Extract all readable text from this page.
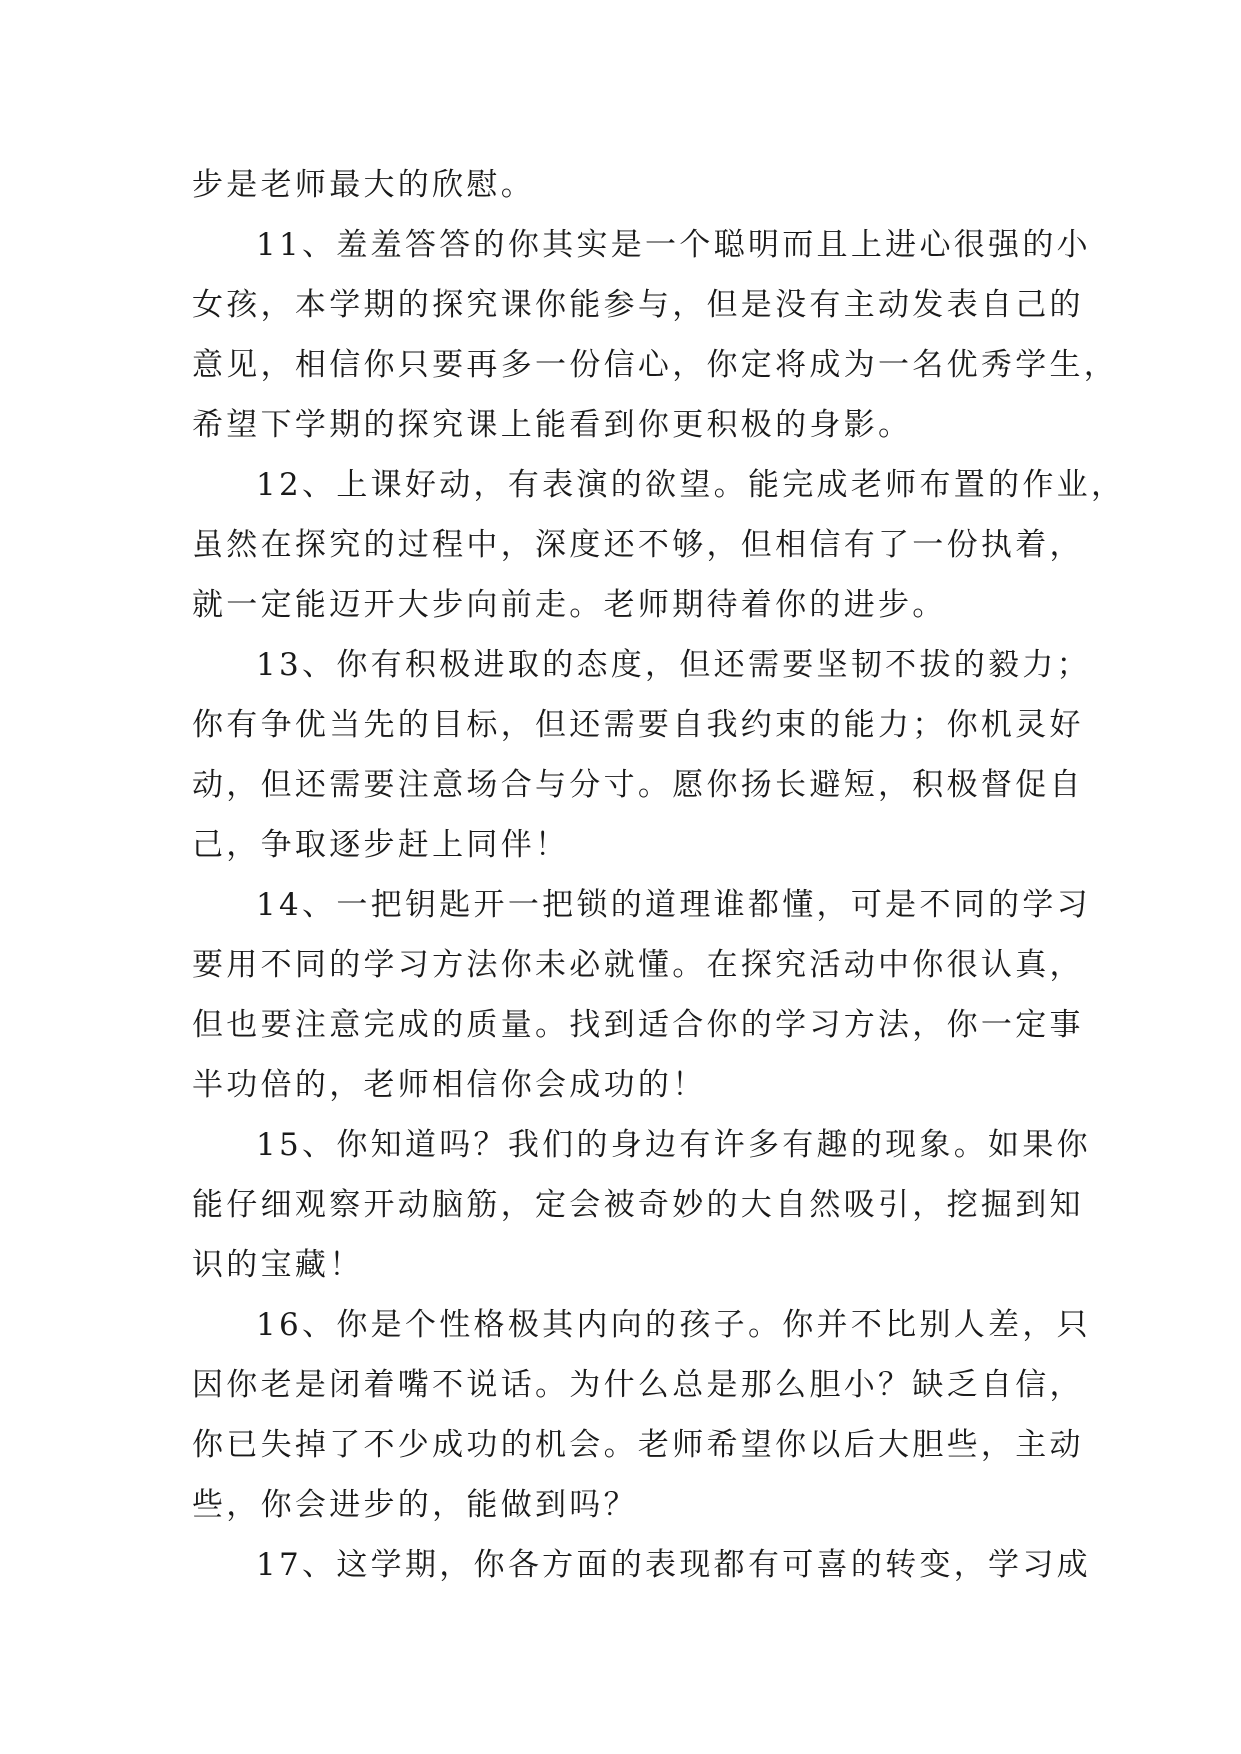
步是老师最大的欣慰。
11、羞羞答答的你其实是一个聪明而且上进心很强的小
女孩，本学期的探究课你能参与，但是没有主动发表自己的
意见，相信你只要再多一份信心，你定将成为一名优秀学生，
希望下学期的探究课上能看到你更积极的身影。
12、上课好动，有表演的欲望。能完成老师布置的作业，
虽然在探究的过程中，深度还不够，但相信有了一份执着，
就一定能迈开大步向前走。老师期待着你的进步。
13、你有积极进取的态度，但还需要坚韧不拔的毅力；
你有争优当先的目标，但还需要自我约束的能力；你机灵好
动，但还需要注意场合与分寸。愿你扬长避短，积极督促自
己，争取逐步赶上同伴！
14、一把钥匙开一把锁的道理谁都懂，可是不同的学习
要用不同的学习方法你未必就懂。在探究活动中你很认真，
但也要注意完成的质量。找到适合你的学习方法，你一定事
半功倍的，老师相信你会成功的！
15、你知道吗？我们的身边有许多有趣的现象。如果你
能仔细观察开动脑筋，定会被奇妙的大自然吸引，挖掘到知
识的宝藏！
16、你是个性格极其内向的孩子。你并不比别人差，只
因你老是闭着嘴不说话。为什么总是那么胆小？缺乏自信，
你已失掉了不少成功的机会。老师希望你以后大胆些，主动
些，你会进步的，能做到吗？
17、这学期，你各方面的表现都有可喜的转变，学习成
